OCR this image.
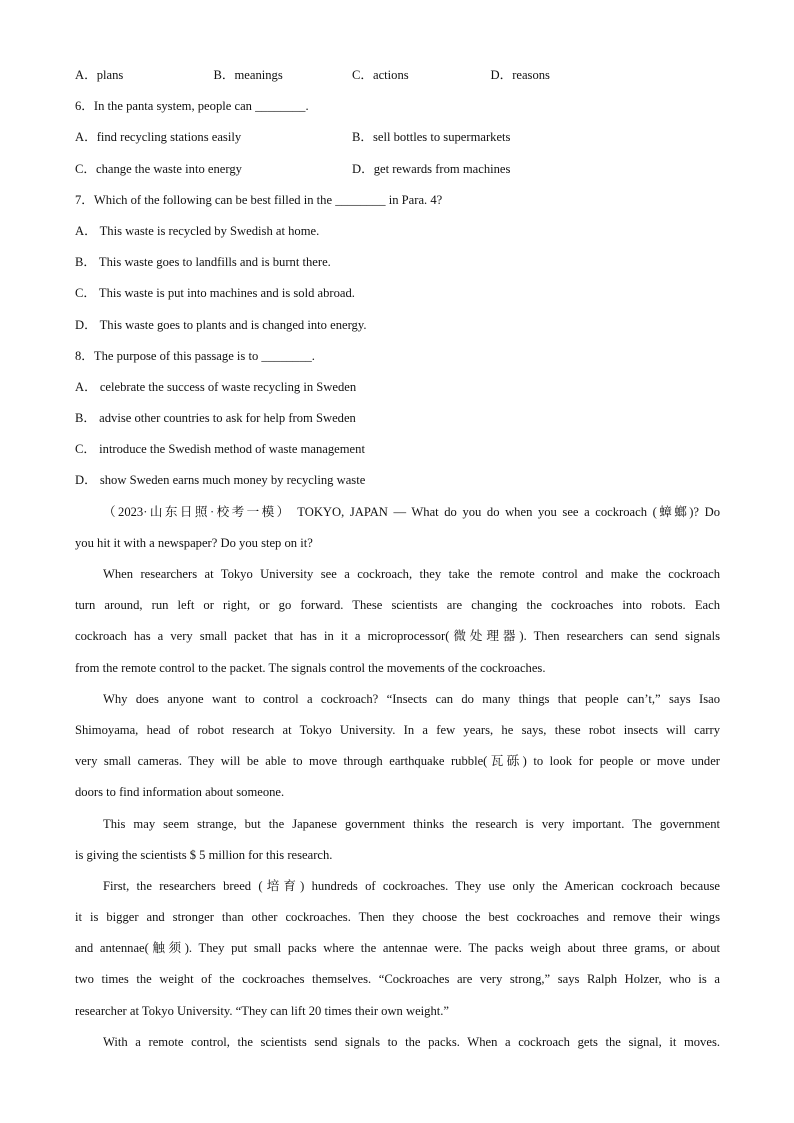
A．plans	B．meanings	C．actions	D．reasons
6．In the panta system, people can ________.
A．find recycling stations easily	B．sell bottles to supermarkets
C．change the waste into energy	D．get rewards from machines
7．Which of the following can be best filled in the ________ in Para. 4?
A． This waste is recycled by Swedish at home.
B． This waste goes to landfills and is burnt there.
C． This waste is put into machines and is sold abroad.
D． This waste goes to plants and is changed into energy.
8．The purpose of this passage is to ________.
A． celebrate the success of waste recycling in Sweden
B． advise other countries to ask for help from Sweden
C． introduce the Swedish method of waste management
D． show Sweden earns much money by recycling waste
（2023·山东日照·校考一模） TOKYO, JAPAN — What do you do when you see a cockroach (蟑螂)? Do
you hit it with a newspaper? Do you step on it?
When researchers at Tokyo University see a cockroach, they take the remote control and make the cockroach
turn around, run left or right, or go forward. These scientists are changing the cockroaches into robots. Each
cockroach has a very small packet that has in it a microprocessor(微处理器). Then researchers can send signals
from the remote control to the packet. The signals control the movements of the cockroaches.
Why does anyone want to control a cockroach? “Insects can do many things that people can’t,” says Isao
Shimoyama, head of robot research at Tokyo University. In a few years, he says, these robot insects will carry
very small cameras. They will be able to move through earthquake rubble(瓦砾) to look for people or move under
doors to find information about someone.
This may seem strange, but the Japanese government thinks the research is very important. The government
is giving the scientists $ 5 million for this research.
First, the researchers breed (培育) hundreds of cockroaches. They use only the American cockroach because
it is bigger and stronger than other cockroaches. Then they choose the best cockroaches and remove their wings
and antennae(触须). They put small packs where the antennae were. The packs weigh about three grams, or about
two times the weight of the cockroaches themselves. “Cockroaches are very strong,” says Ralph Holzer, who is a
researcher at Tokyo University. “They can lift 20 times their own weight.”
With a remote control, the scientists send signals to the packs. When a cockroach gets the signal, it moves.
